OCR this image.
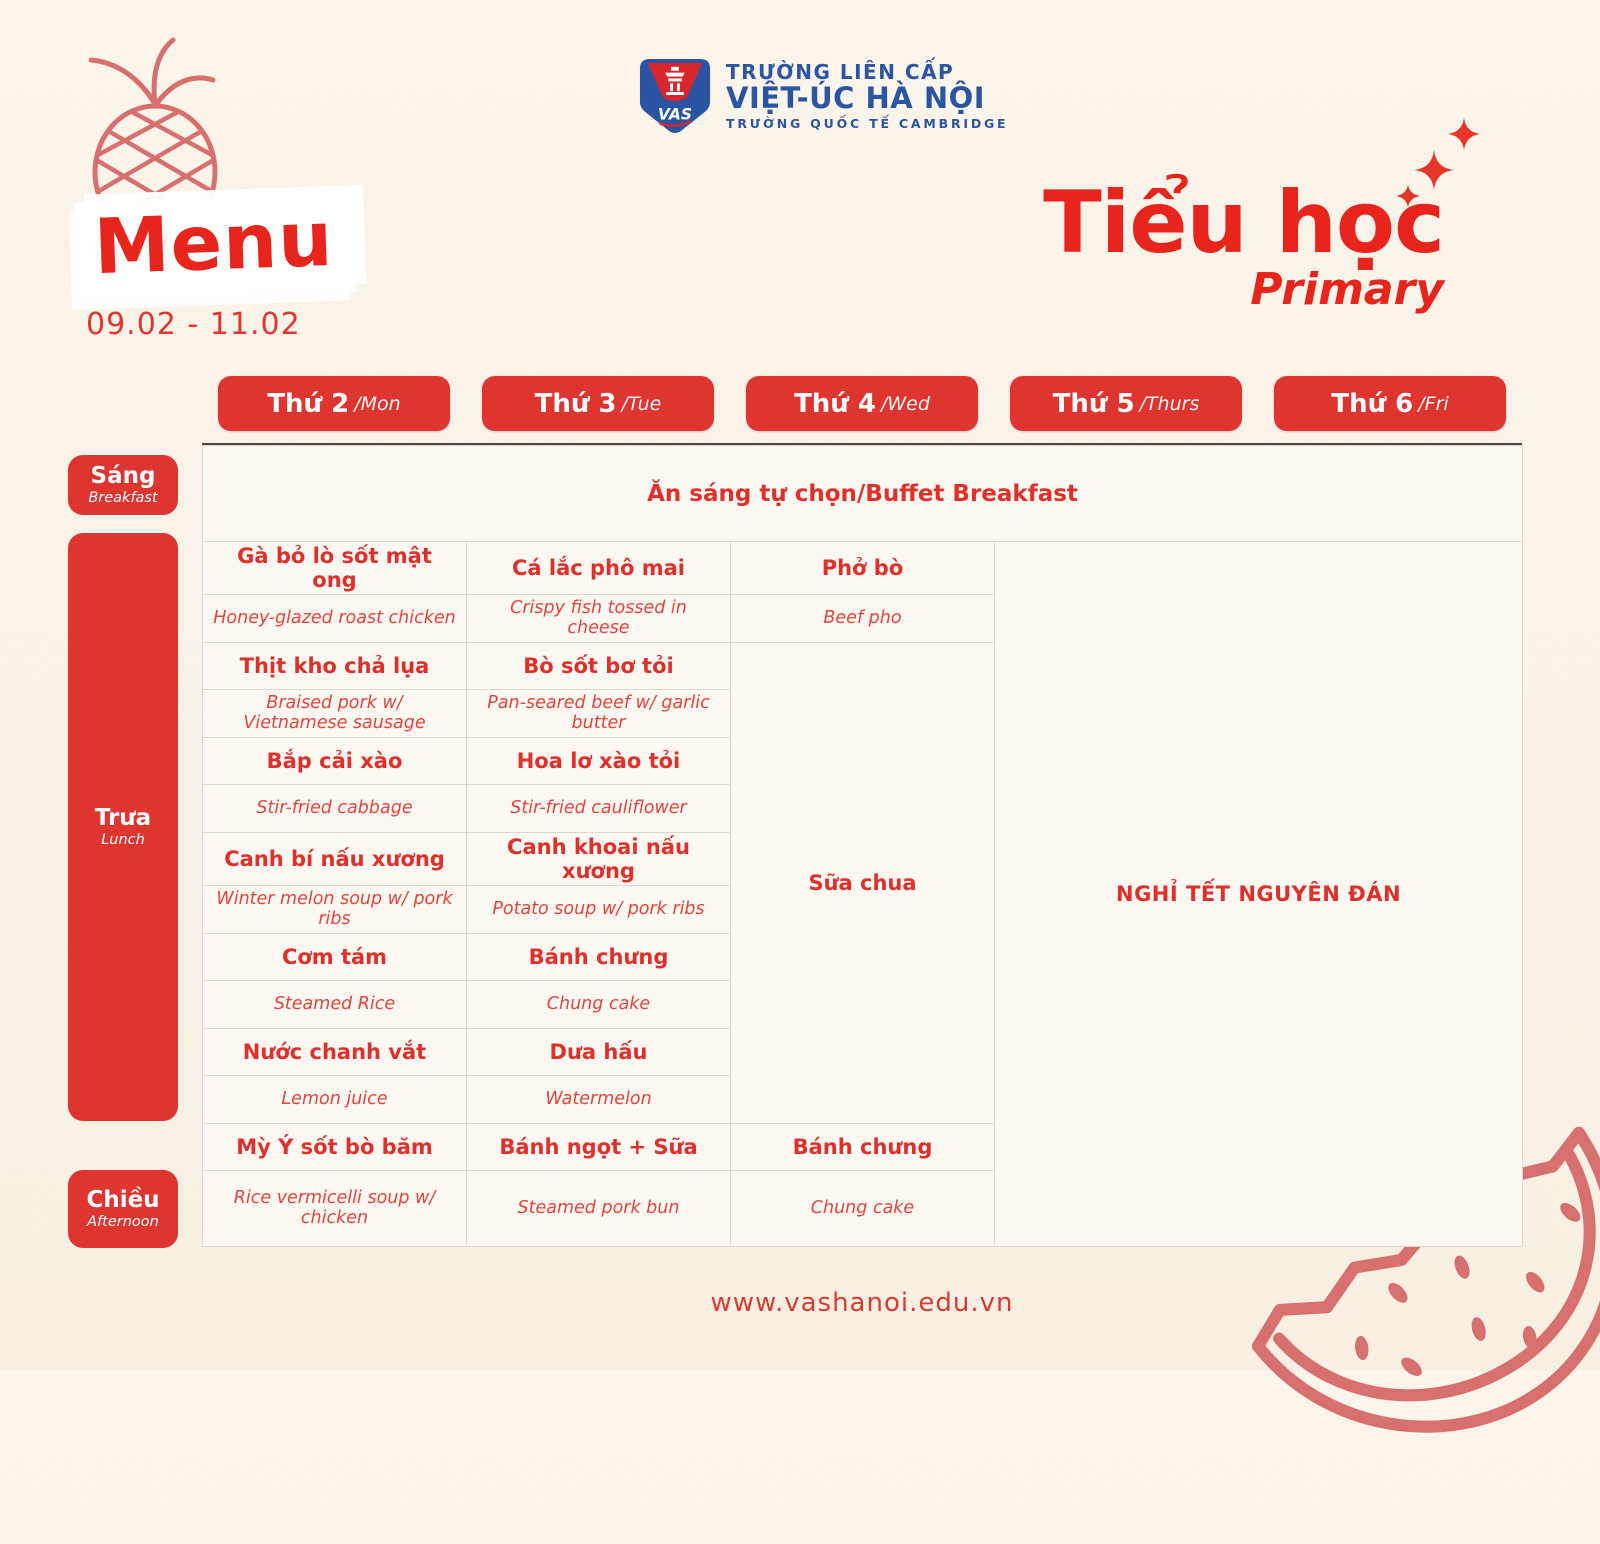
VAS
TRƯỜNG LIÊN CẤP
VIỆT-ÚC HÀ NỘI
TRƯỜNG QUỐC TẾ CAMBRIDGE
Menu
09.02 - 11.02
Tiểu học
Primary
Thứ 2 /Mon	Thứ 3 /Tue	Thứ 4 /Wed	Thứ 5 /Thurs	Thứ 6 /Fri
Sáng
Breakfast
Trưa
Lunch
Chiều
Afternoon
Ăn sáng tự chọn/Buffet Breakfast			
Gà bỏ lò sốt mật ong	Cá lắc phô mai	Phở bò	NGHỈ TẾT NGUYÊN ĐÁN
Honey-glazed roast chicken	Crispy fish tossed in cheese	Beef pho	
Thịt kho chả lụa	Bò sốt bơ tỏi	Sữa chua	
Braised pork w/ Vietnamese sausage	Pan-seared beef w/ garlic butter		
Bắp cải xào	Hoa lơ xào tỏi		
Stir-fried cabbage	Stir-fried cauliflower		
Canh bí nấu xương	Canh khoai nấu xương		
Winter melon soup w/ pork ribs	Potato soup w/ pork ribs		
Cơm tám	Bánh chưng		
Steamed Rice	Chung cake		
Nước chanh vắt	Dưa hấu		
Lemon juice	Watermelon		
Mỳ Ý sốt bò băm	Bánh ngọt + Sữa	Bánh chưng	
Rice vermicelli soup w/ chicken	Steamed pork bun	Chung cake	
www.vashanoi.edu.vn
